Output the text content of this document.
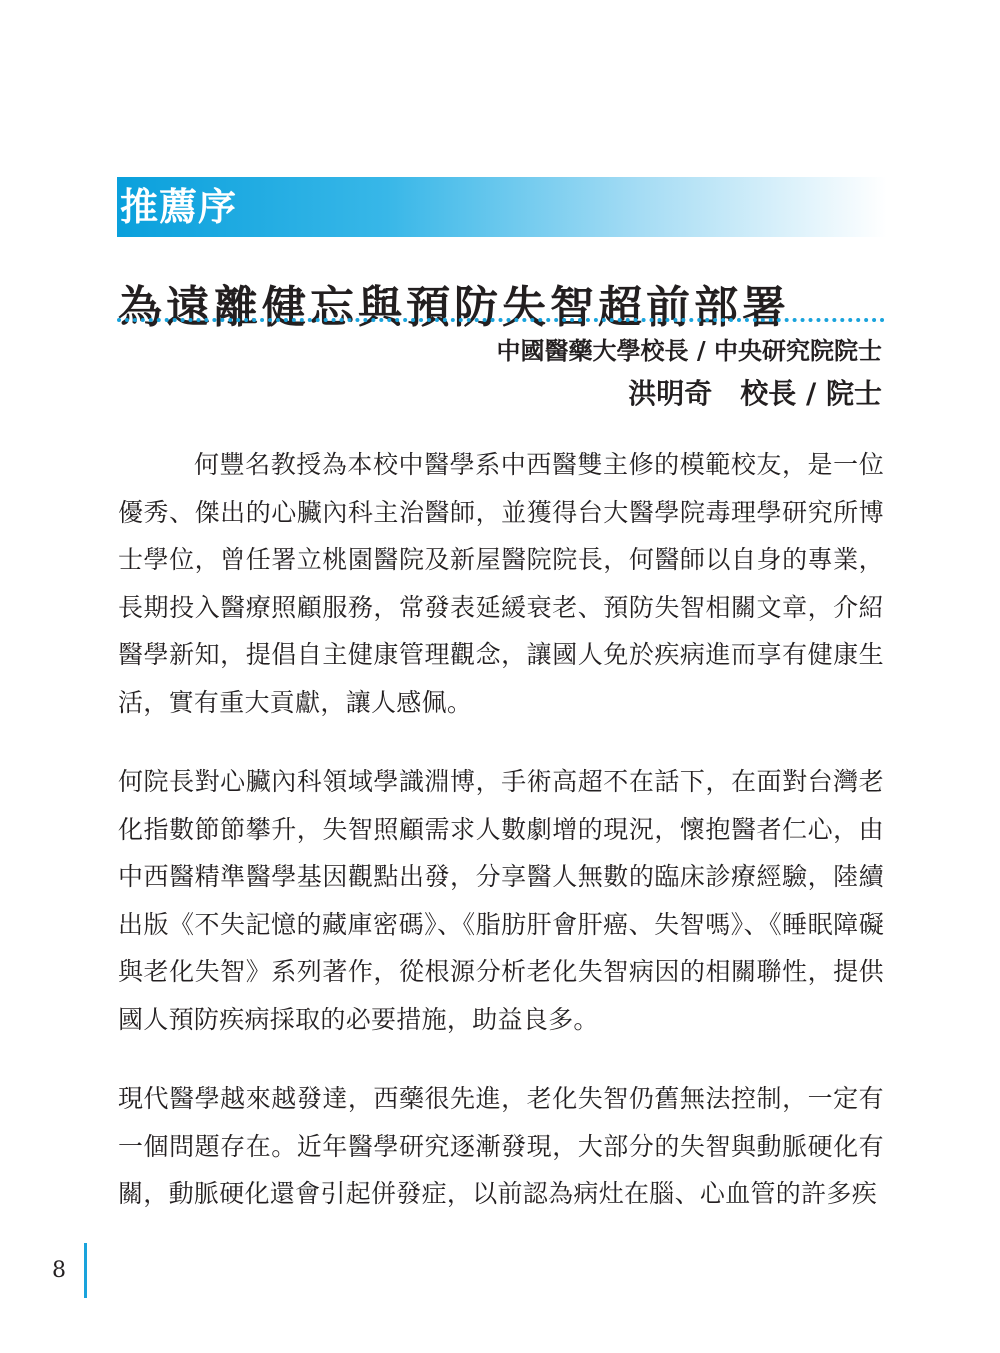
推薦序
為遠離健忘與預防失智超前部署
中國醫藥大學校長 / 中央研究院院士
洪明奇　校長 / 院士

何豐名教授為本校中醫學系中西醫雙主修的模範校友，是一位優秀、傑出的心臟內科主治醫師，並獲得台大醫學院毒理學研究所博士學位，曾任署立桃園醫院及新屋醫院院長，何醫師以自身的專業，長期投入醫療照顧服務，常發表延緩衰老、預防失智相關文章，介紹醫學新知，提倡自主健康管理觀念，讓國人免於疾病進而享有健康生活，實有重大貢獻，讓人感佩。

何院長對心臟內科領域學識淵博，手術高超不在話下，在面對台灣老化指數節節攀升，失智照顧需求人數劇增的現況，懷抱醫者仁心，由中西醫精準醫學基因觀點出發，分享醫人無數的臨床診療經驗，陸續出版《不失記憶的藏庫密碼》、《脂肪肝會肝癌、失智嗎》、《睡眠障礙與老化失智》系列著作，從根源分析老化失智病因的相關聯性，提供國人預防疾病採取的必要措施，助益良多。

現代醫學越來越發達，西藥很先進，老化失智仍舊無法控制，一定有一個問題存在。近年醫學研究逐漸發現，大部分的失智與動脈硬化有關，動脈硬化還會引起併發症，以前認為病灶在腦、心血管的許多疾

8
